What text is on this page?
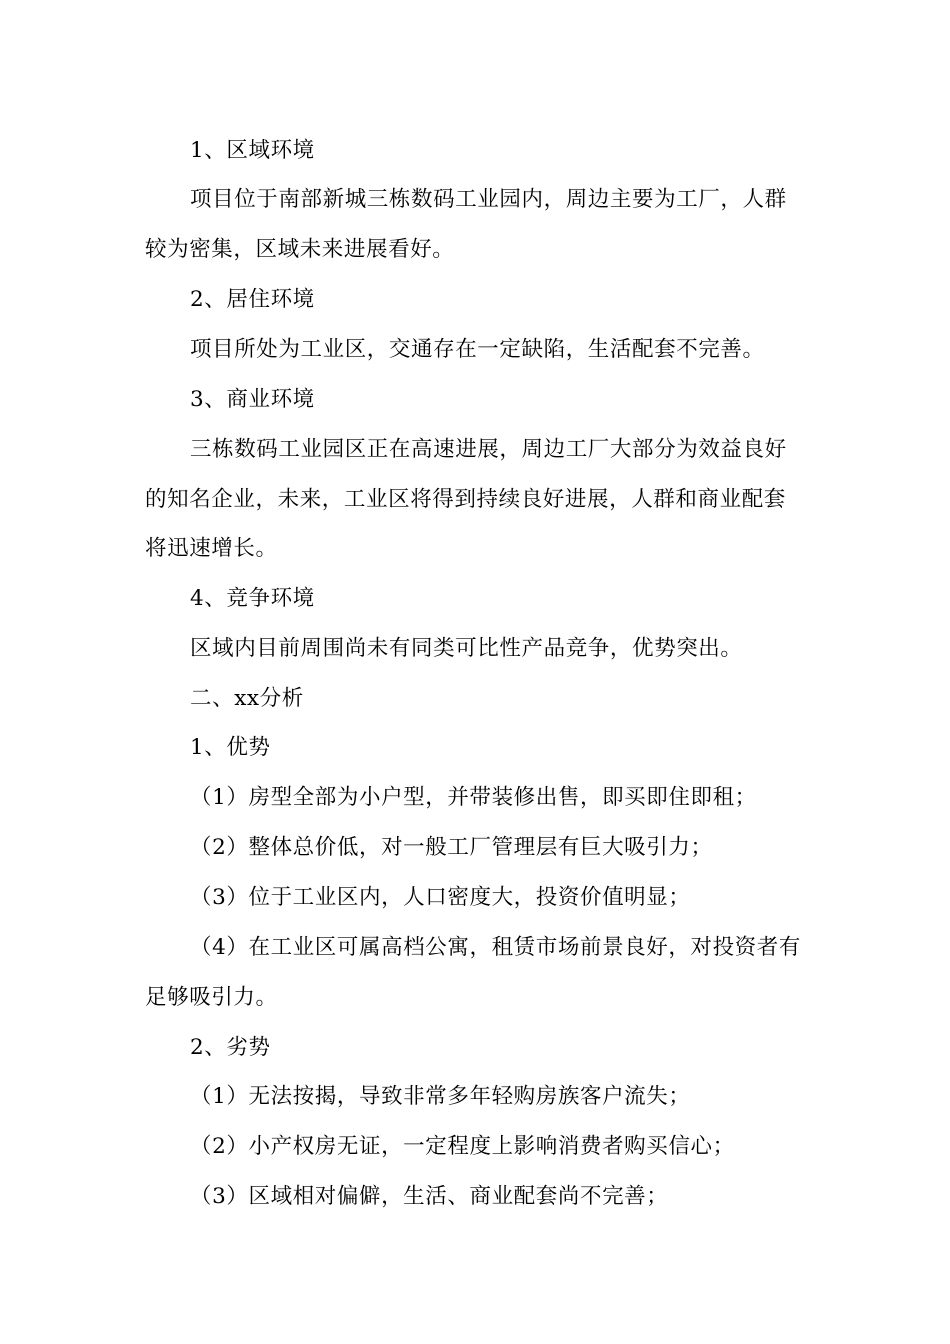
1、区域环境
项目位于南部新城三栋数码工业园内，周边主要为工厂，人群
较为密集，区域未来进展看好。
2、居住环境
项目所处为工业区，交通存在一定缺陷，生活配套不完善。
3、商业环境
三栋数码工业园区正在高速进展，周边工厂大部分为效益良好
的知名企业，未来，工业区将得到持续良好进展，人群和商业配套
将迅速增长。
4、竞争环境
区域内目前周围尚未有同类可比性产品竞争，优势突出。
二、xx分析
1、优势
（1）房型全部为小户型，并带装修出售，即买即住即租；
（2）整体总价低，对一般工厂管理层有巨大吸引力；
（3）位于工业区内，人口密度大，投资价值明显；
（4）在工业区可属高档公寓，租赁市场前景良好，对投资者有
足够吸引力。
2、劣势
（1）无法按揭，导致非常多年轻购房族客户流失；
（2）小产权房无证，一定程度上影响消费者购买信心；
（3）区域相对偏僻，生活、商业配套尚不完善；
